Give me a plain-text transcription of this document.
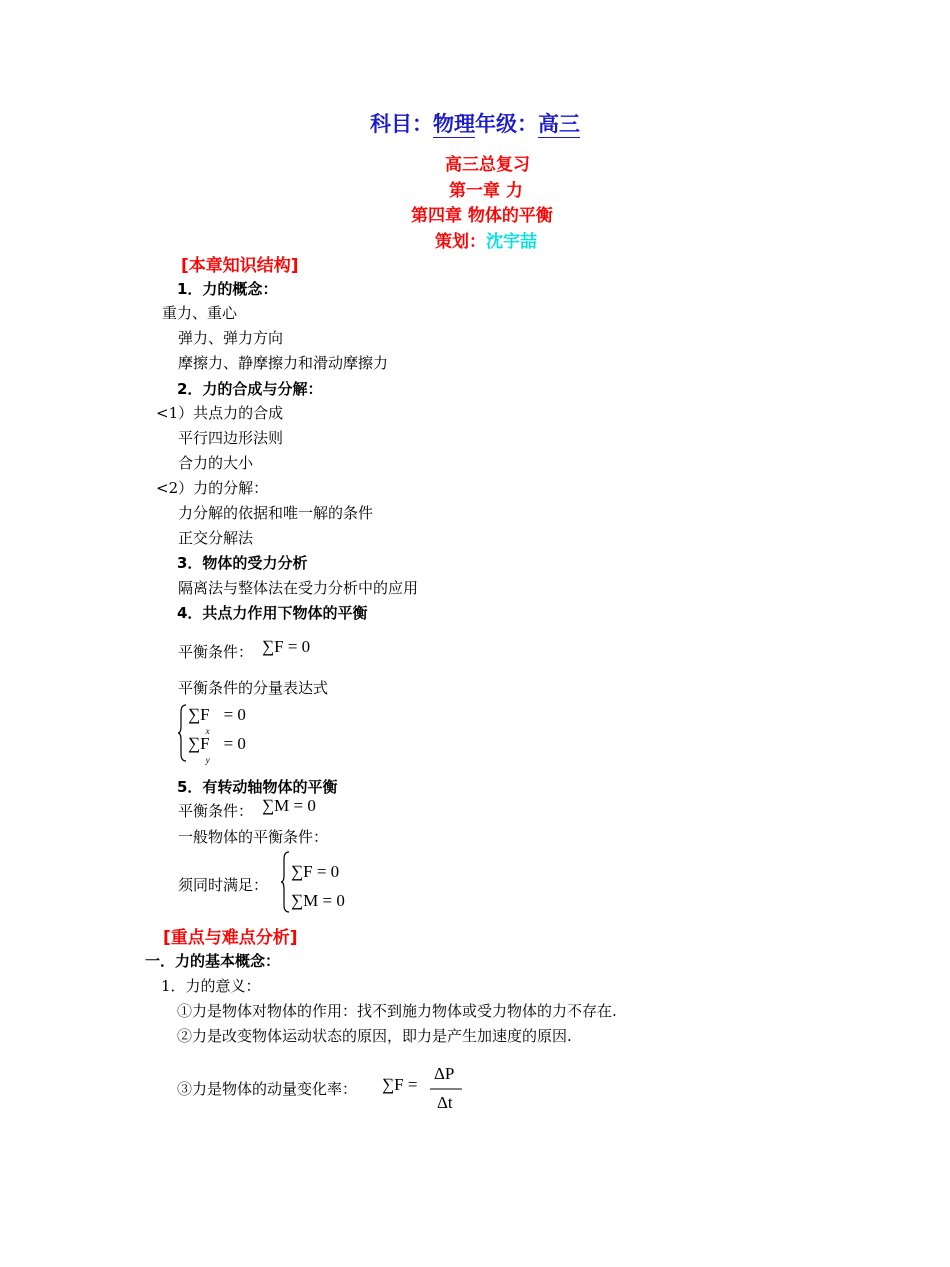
科目：物理年级：高三
高三总复习
第一章 力
第四章 物体的平衡
策划：沈宇喆
[本章知识结构]
1．力的概念：
重力、重心
弹力、弹力方向
摩擦力、静摩擦力和滑动摩擦力
2．力的合成与分解：
<1）共点力的合成
平行四边形法则
合力的大小
<2）力的分解：
力分解的依据和唯一解的条件
正交分解法
3．物体的受力分析
隔离法与整体法在受力分析中的应用
4．共点力作用下物体的平衡
平衡条件： ∑F = 0
平衡条件的分量表达式
$\sum F_x= 0$
$\sum F_y= 0$
5．有转动轴物体的平衡
平衡条件： ∑M = 0
一般物体的平衡条件：
须同时满足：
∑F = 0
∑M = 0
[重点与难点分析]
一．力的基本概念：
1．力的意义：
①力是物体对物体的作用：找不到施力物体或受力物体的力不存在.
②力是改变物体运动状态的原因，即力是产生加速度的原因.
③力是物体的动量变化率： ∑F =
ΔP
Δt
